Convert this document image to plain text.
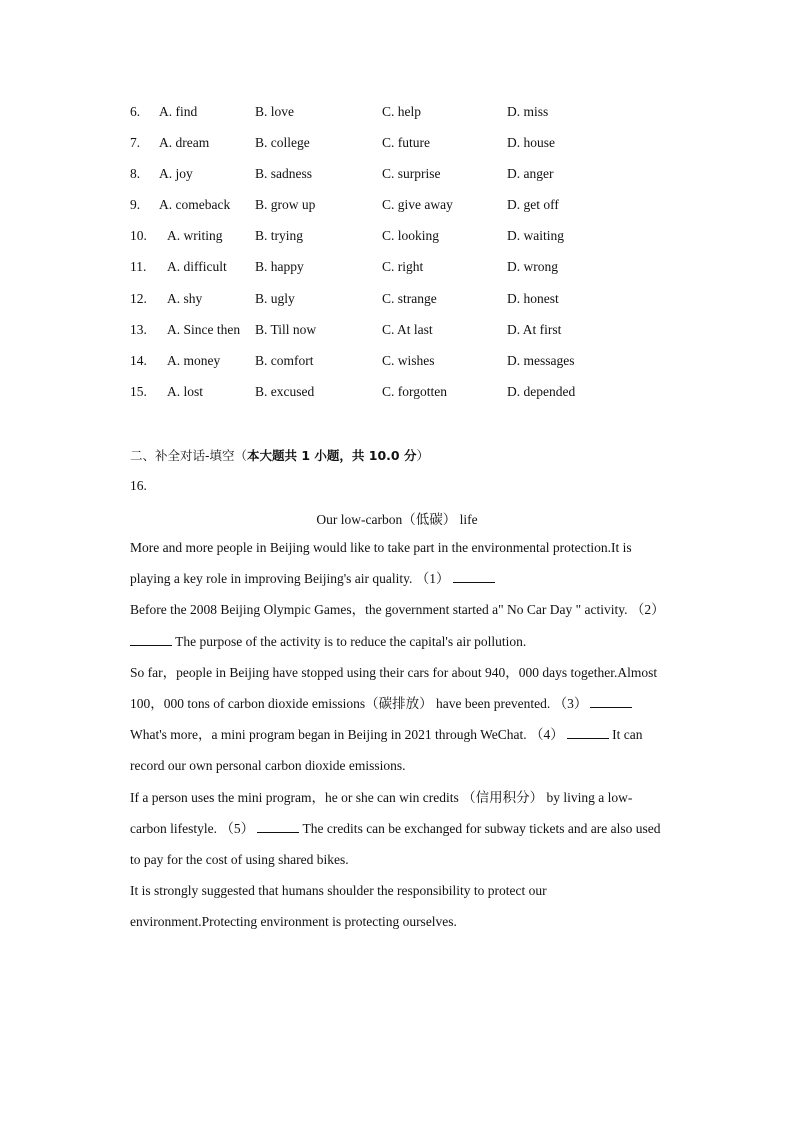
6. A. find	B. love	C. help	D. miss
7. A. dream	B. college	C. future	D. house
8. A. joy	B. sadness	C. surprise	D. anger
9. A. comeback B. grow up	C. give away	D. get off
10. A. writing B. trying	C. looking	D. waiting
11. A. difficult B. happy	C. right	D. wrong
12. A. shy	B. ugly	C. strange	D. honest
13. A. Since then B. Till now	C. At last	D. At first
14. A. money	B. comfort	C. wishes	D. messages
15. A. lost	B. excused	C. forgotten	D. depended
二、补全对话-填空（本大题共 1 小题，共 10.0 分）
16.
Our low-carbon（低碳） life
More and more people in Beijing would like to take part in the environmental protection.It is
playing a key role in improving Beijing's air quality. （1）
Before the 2008 Beijing Olympic Games，the government started a" No Car Day " activity. （2）
The purpose of the activity is to reduce the capital's air pollution.
So far，people in Beijing have stopped using their cars for about 940，000 days together.Almost
100，000 tons of carbon dioxide emissions（碳排放） have been prevented. （3）
What's more，a mini program began in Beijing in 2021 through WeChat. （4）	It can
record our own personal carbon dioxide emissions.
If a person uses the mini program，he or she can win credits （信用积分） by living a low-
carbon lifestyle. （5）	The credits can be exchanged for subway tickets and are also used
to pay for the cost of using shared bikes.
It is strongly suggested that humans shoulder the responsibility to protect our
environment.Protecting environment is protecting ourselves.
